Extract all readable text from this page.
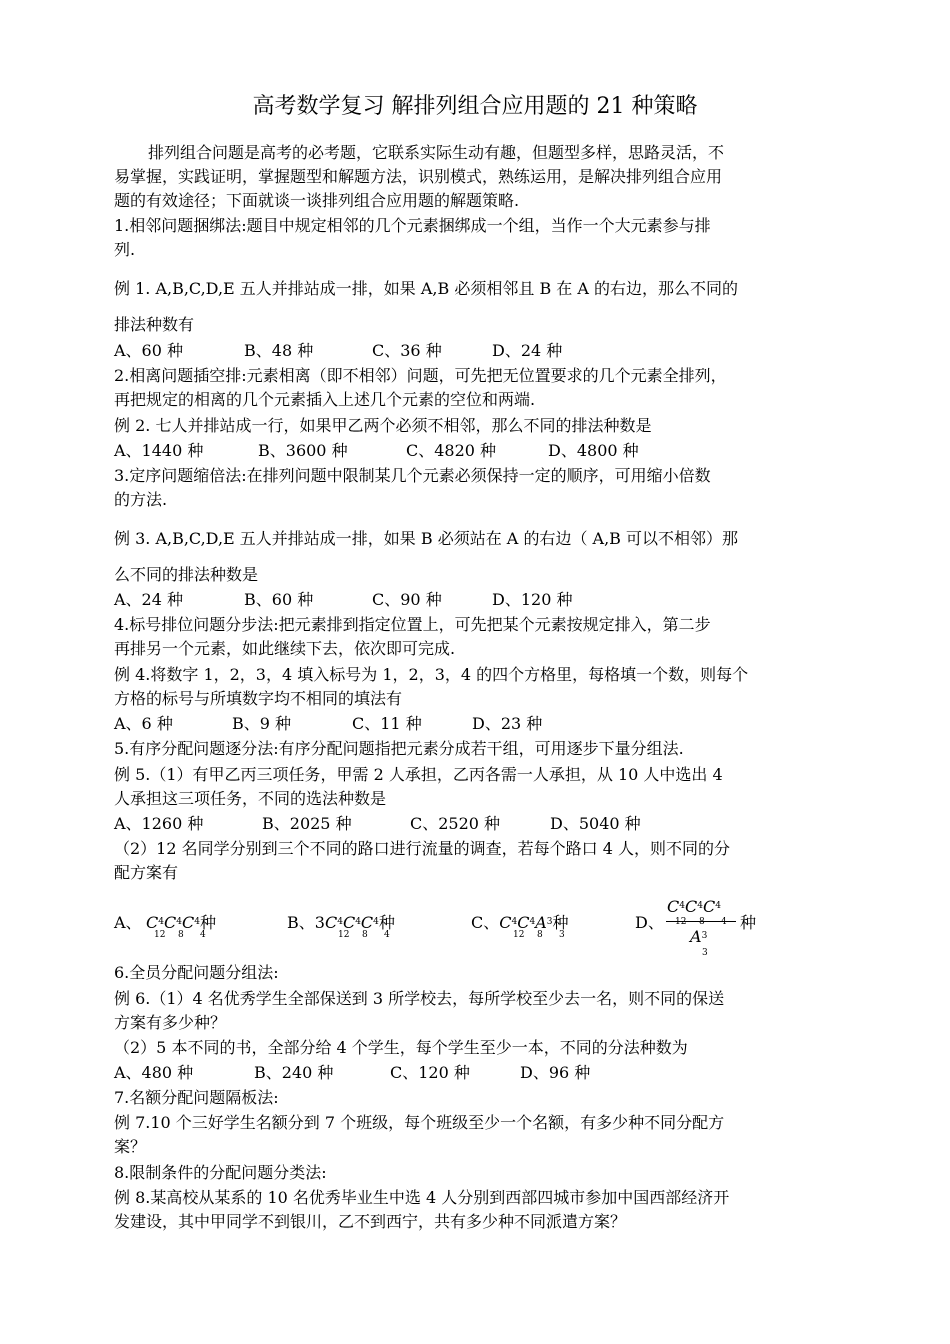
高考数学复习 解排列组合应用题的 21 种策略
排列组合问题是高考的必考题，它联系实际生动有趣，但题型多样，思路灵活，不
易掌握，实践证明，掌握题型和解题方法，识别模式，熟练运用，是解决排列组合应用
题的有效途径；下面就谈一谈排列组合应用题的解题策略.
1.相邻问题捆绑法:题目中规定相邻的几个元素捆绑成一个组，当作一个大元素参与排
列.
例 1. A,B,C,D,E 五人并排站成一排，如果 A,B 必须相邻且 B 在 A 的右边，那么不同的
排法种数有
A、60 种	B、48 种	C、36 种	D、24 种
2.相离问题插空排:元素相离（即不相邻）问题，可先把无位置要求的几个元素全排列，
再把规定的相离的几个元素插入上述几个元素的空位和两端.
例 2. 七人并排站成一行，如果甲乙两个必须不相邻，那么不同的排法种数是
A、1440 种	B、3600 种	C、4820 种	D、4800 种
3.定序问题缩倍法:在排列问题中限制某几个元素必须保持一定的顺序，可用缩小倍数
的方法.
例 3. A,B,C,D,E 五人并排站成一排，如果 B 必须站在 A 的右边（ A,B 可以不相邻）那
么不同的排法种数是
A、24 种	B、60 种	C、90 种	D、120 种
4.标号排位问题分步法:把元素排到指定位置上，可先把某个元素按规定排入，第二步
再排另一个元素，如此继续下去，依次即可完成.
例 4.将数字 1，2，3，4 填入标号为 1，2，3，4 的四个方格里，每格填一个数，则每个
方格的标号与所填数字均不相同的填法有
A、6 种	B、9 种	C、11 种	D、23 种
5.有序分配问题逐分法:有序分配问题指把元素分成若干组，可用逐步下量分组法.
例 5.（1）有甲乙丙三项任务，甲需 2 人承担，乙丙各需一人承担，从 10 人中选出 4
人承担这三项任务，不同的选法种数是
A、1260 种	B、2025 种	C、2520 种	D、5040 种
（2）12 名同学分别到三个不同的路口进行流量的调查，若每个路口 4 人，则不同的分
配方案有
A、 $C^4C^4C^4$种
12 8 4
B、$3C^4C^4C^4$种
12 8 4
C、$C^4C^4A^3$种
12 8 3
D、
$C^4C^4C^4$
12 8 4
$A^3$
3
种
6.全员分配问题分组法:
例 6.（1）4 名优秀学生全部保送到 3 所学校去，每所学校至少去一名，则不同的保送
方案有多少种？
（2）5 本不同的书，全部分给 4 个学生，每个学生至少一本，不同的分法种数为
A、480 种	B、240 种	C、120 种	D、96 种
7.名额分配问题隔板法:
例 7.10 个三好学生名额分到 7 个班级，每个班级至少一个名额，有多少种不同分配方
案？
8.限制条件的分配问题分类法:
例 8.某高校从某系的 10 名优秀毕业生中选 4 人分别到西部四城市参加中国西部经济开
发建设，其中甲同学不到银川，乙不到西宁，共有多少种不同派遣方案？
